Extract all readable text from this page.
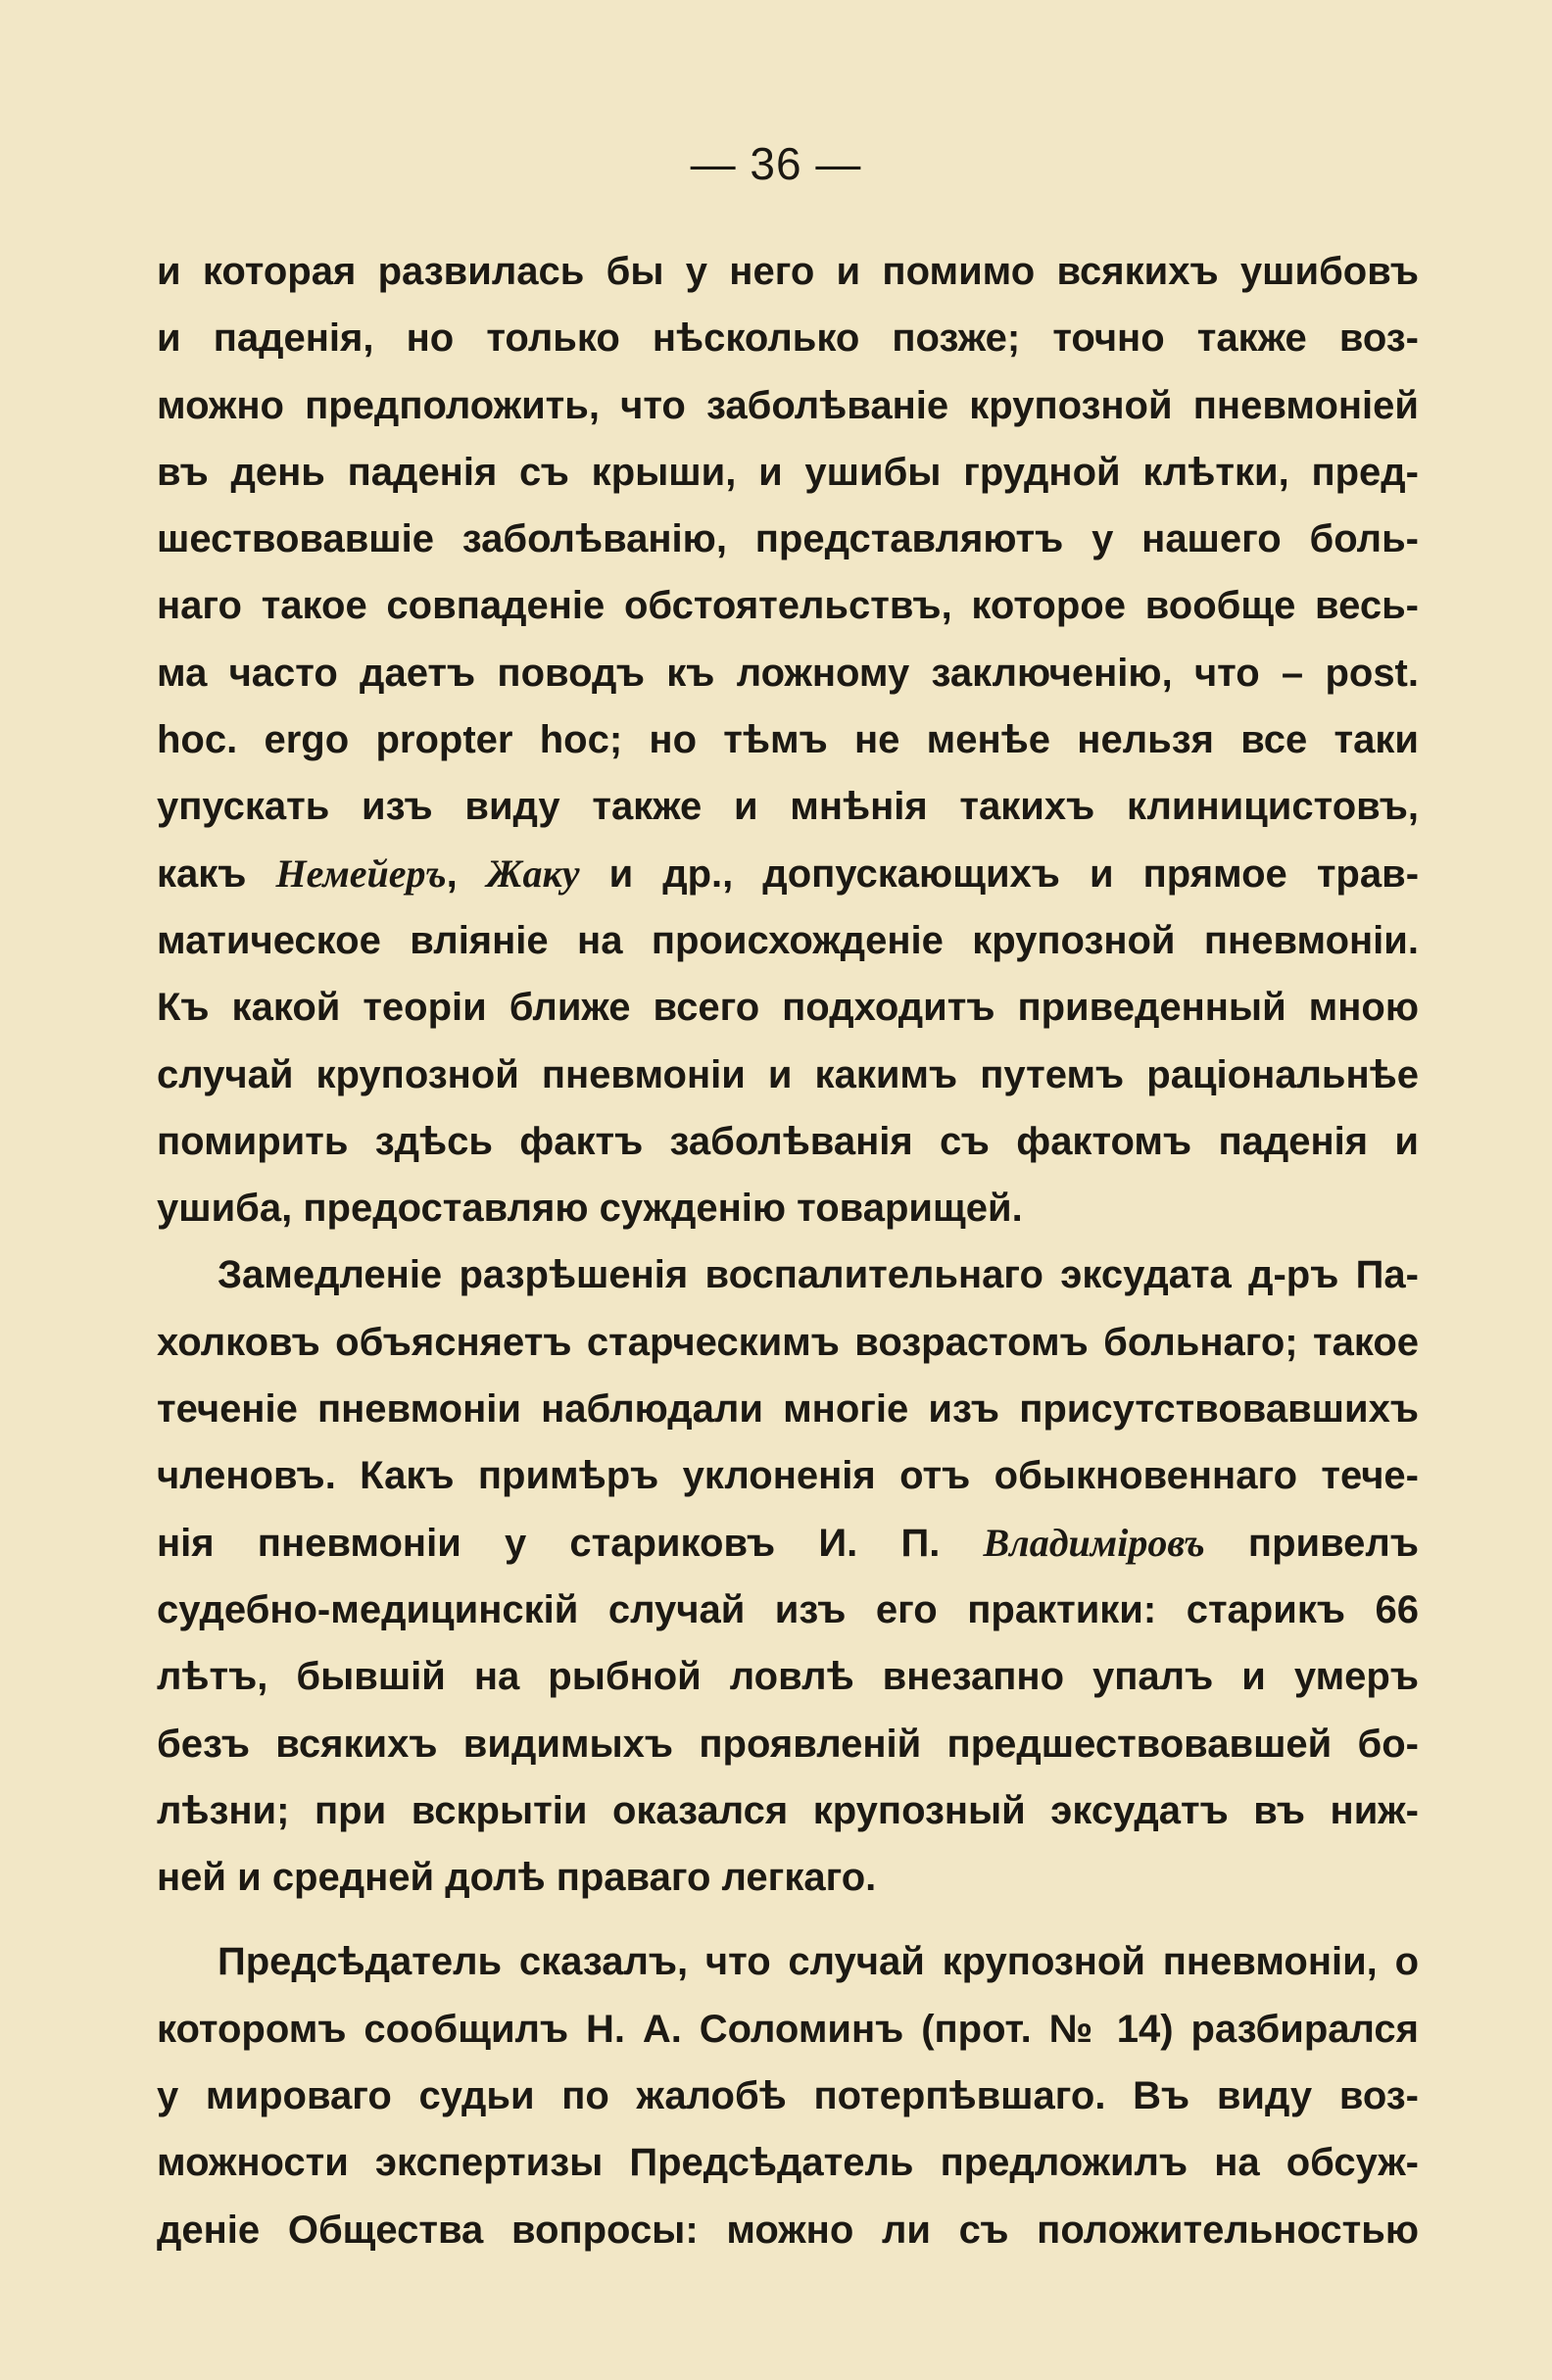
— 36 —
и которая развилась бы у него и помимо всякихъ ушибовъ
и паденія, но только нѣсколько позже; точно также воз-
можно предположить, что заболѣваніе крупозной пневмоніей
въ день паденія съ крыши, и ушибы грудной клѣтки, пред-
шествовавшіе заболѣванію, представляютъ у нашего боль-
наго такое совпаденіе обстоятельствъ, которое вообще весь-
ма часто даетъ поводъ къ ложному заключенію, что – post.
hoc. ergo propter hoc; но тѣмъ не менѣе нельзя все таки
упускать изъ виду также и мнѣнія такихъ клиницистовъ,
какъ Немейеръ, Жаку и др., допускающихъ и прямое трав-
матическое вліяніе на происхожденіе крупозной пневмоніи.
Къ какой теоріи ближе всего подходитъ приведенный мною
случай крупозной пневмоніи и какимъ путемъ раціональнѣе
помирить здѣсь фактъ заболѣванія съ фактомъ паденія и
ушиба, предоставляю сужденію товарищей.
Замедленіе разрѣшенія воспалительнаго эксудата д-ръ Па-
холковъ объясняетъ старческимъ возрастомъ больнаго; такое
теченіе пневмоніи наблюдали многіе изъ присутствовавшихъ
членовъ. Какъ примѣръ уклоненія отъ обыкновеннаго тече-
нія пневмоніи у стариковъ И. П. Владиміровъ привелъ
судебно-медицинскій случай изъ его практики: старикъ 66
лѣтъ, бывшій на рыбной ловлѣ внезапно упалъ и умеръ
безъ всякихъ видимыхъ проявленій предшествовавшей бо-
лѣзни; при вскрытіи оказался крупозный эксудатъ въ ниж-
ней и средней долѣ праваго легкаго.
Предсѣдатель сказалъ, что случай крупозной пневмоніи, о
которомъ сообщилъ Н. А. Соломинъ (прот. № 14) разбирался
у мироваго судьи по жалобѣ потерпѣвшаго. Въ виду воз-
можности экспертизы Предсѣдатель предложилъ на обсуж-
деніе Общества вопросы: можно ли съ положительностью
